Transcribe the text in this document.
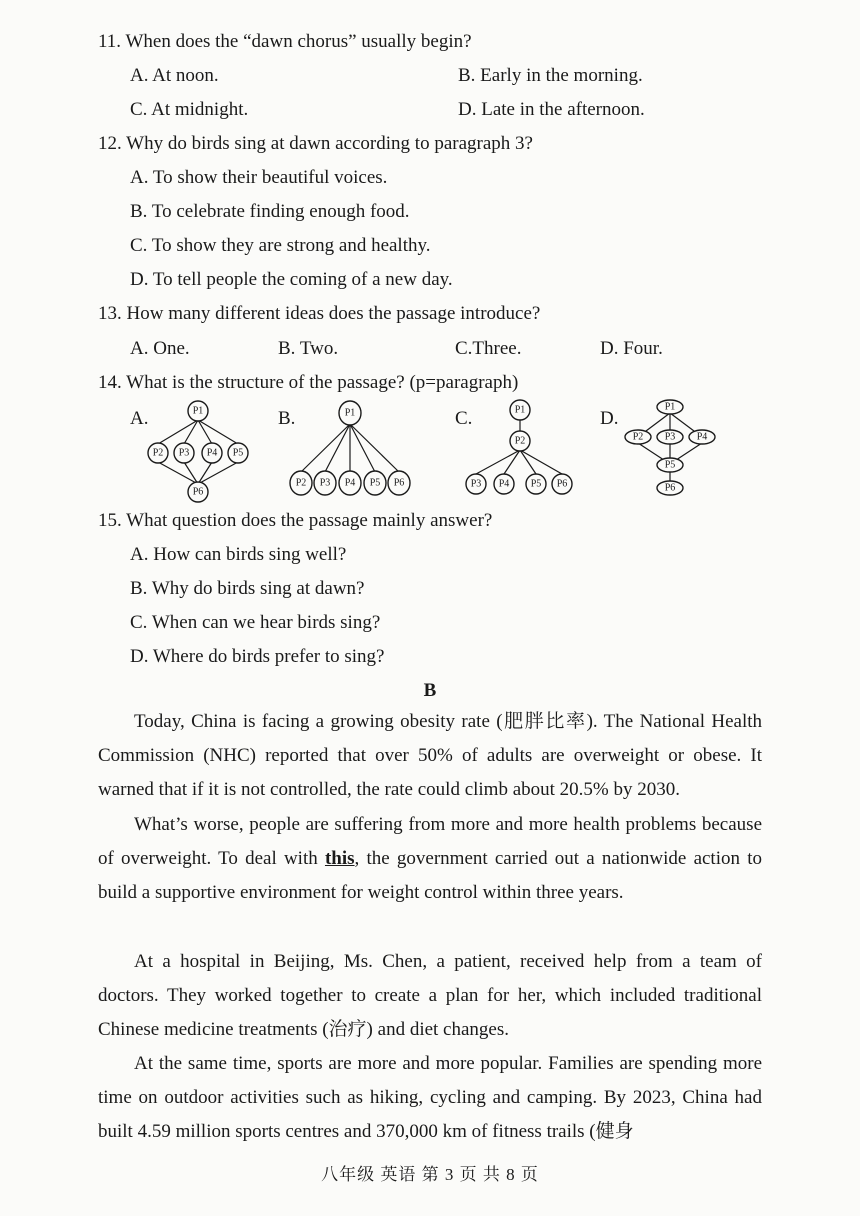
11. When does the “dawn chorus” usually begin?
A. At noon.	B. Early in the morning.
C. At midnight.	D. Late in the afternoon.
12. Why do birds sing at dawn according to paragraph 3?
A. To show their beautiful voices.
B. To celebrate finding enough food.
C. To show they are strong and healthy.
D. To tell people the coming of a new day.
13. How many different ideas does the passage introduce?
A. One.	B. Two.	C.Three.	D. Four.
14. What is the structure of the passage? (p=paragraph)
A.	P1
P2 P3 P4 P5
P6
B.	P1
P2 P3 P4 P5 P6
C.	P1
P2
P3 P4 P5 P6
D.
P1
P2 P3 P4
P5
P6
15. What question does the passage mainly answer?
A. How can birds sing well?
B. Why do birds sing at dawn?
C. When can we hear birds sing?
D. Where do birds prefer to sing?
B
Today, China is facing a growing obesity rate (肥胖比率). The National Health Commission (NHC) reported that over 50% of adults are overweight or obese. It warned that if it is not controlled, the rate could climb about 20.5% by 2030.
What’s worse, people are suffering from more and more health problems because of overweight. To deal with this, the government carried out a nationwide action to build a supportive environment for weight control within three years.
At a hospital in Beijing, Ms. Chen, a patient, received help from a team of doctors. They worked together to create a plan for her, which included traditional Chinese medicine treatments (治疗) and diet changes.
At the same time, sports are more and more popular. Families are spending more time on outdoor activities such as hiking, cycling and camping. By 2023, China had built 4.59 million sports centres and 370,000 km of fitness trails (健身
八年级 英语 第 3 页 共 8 页
